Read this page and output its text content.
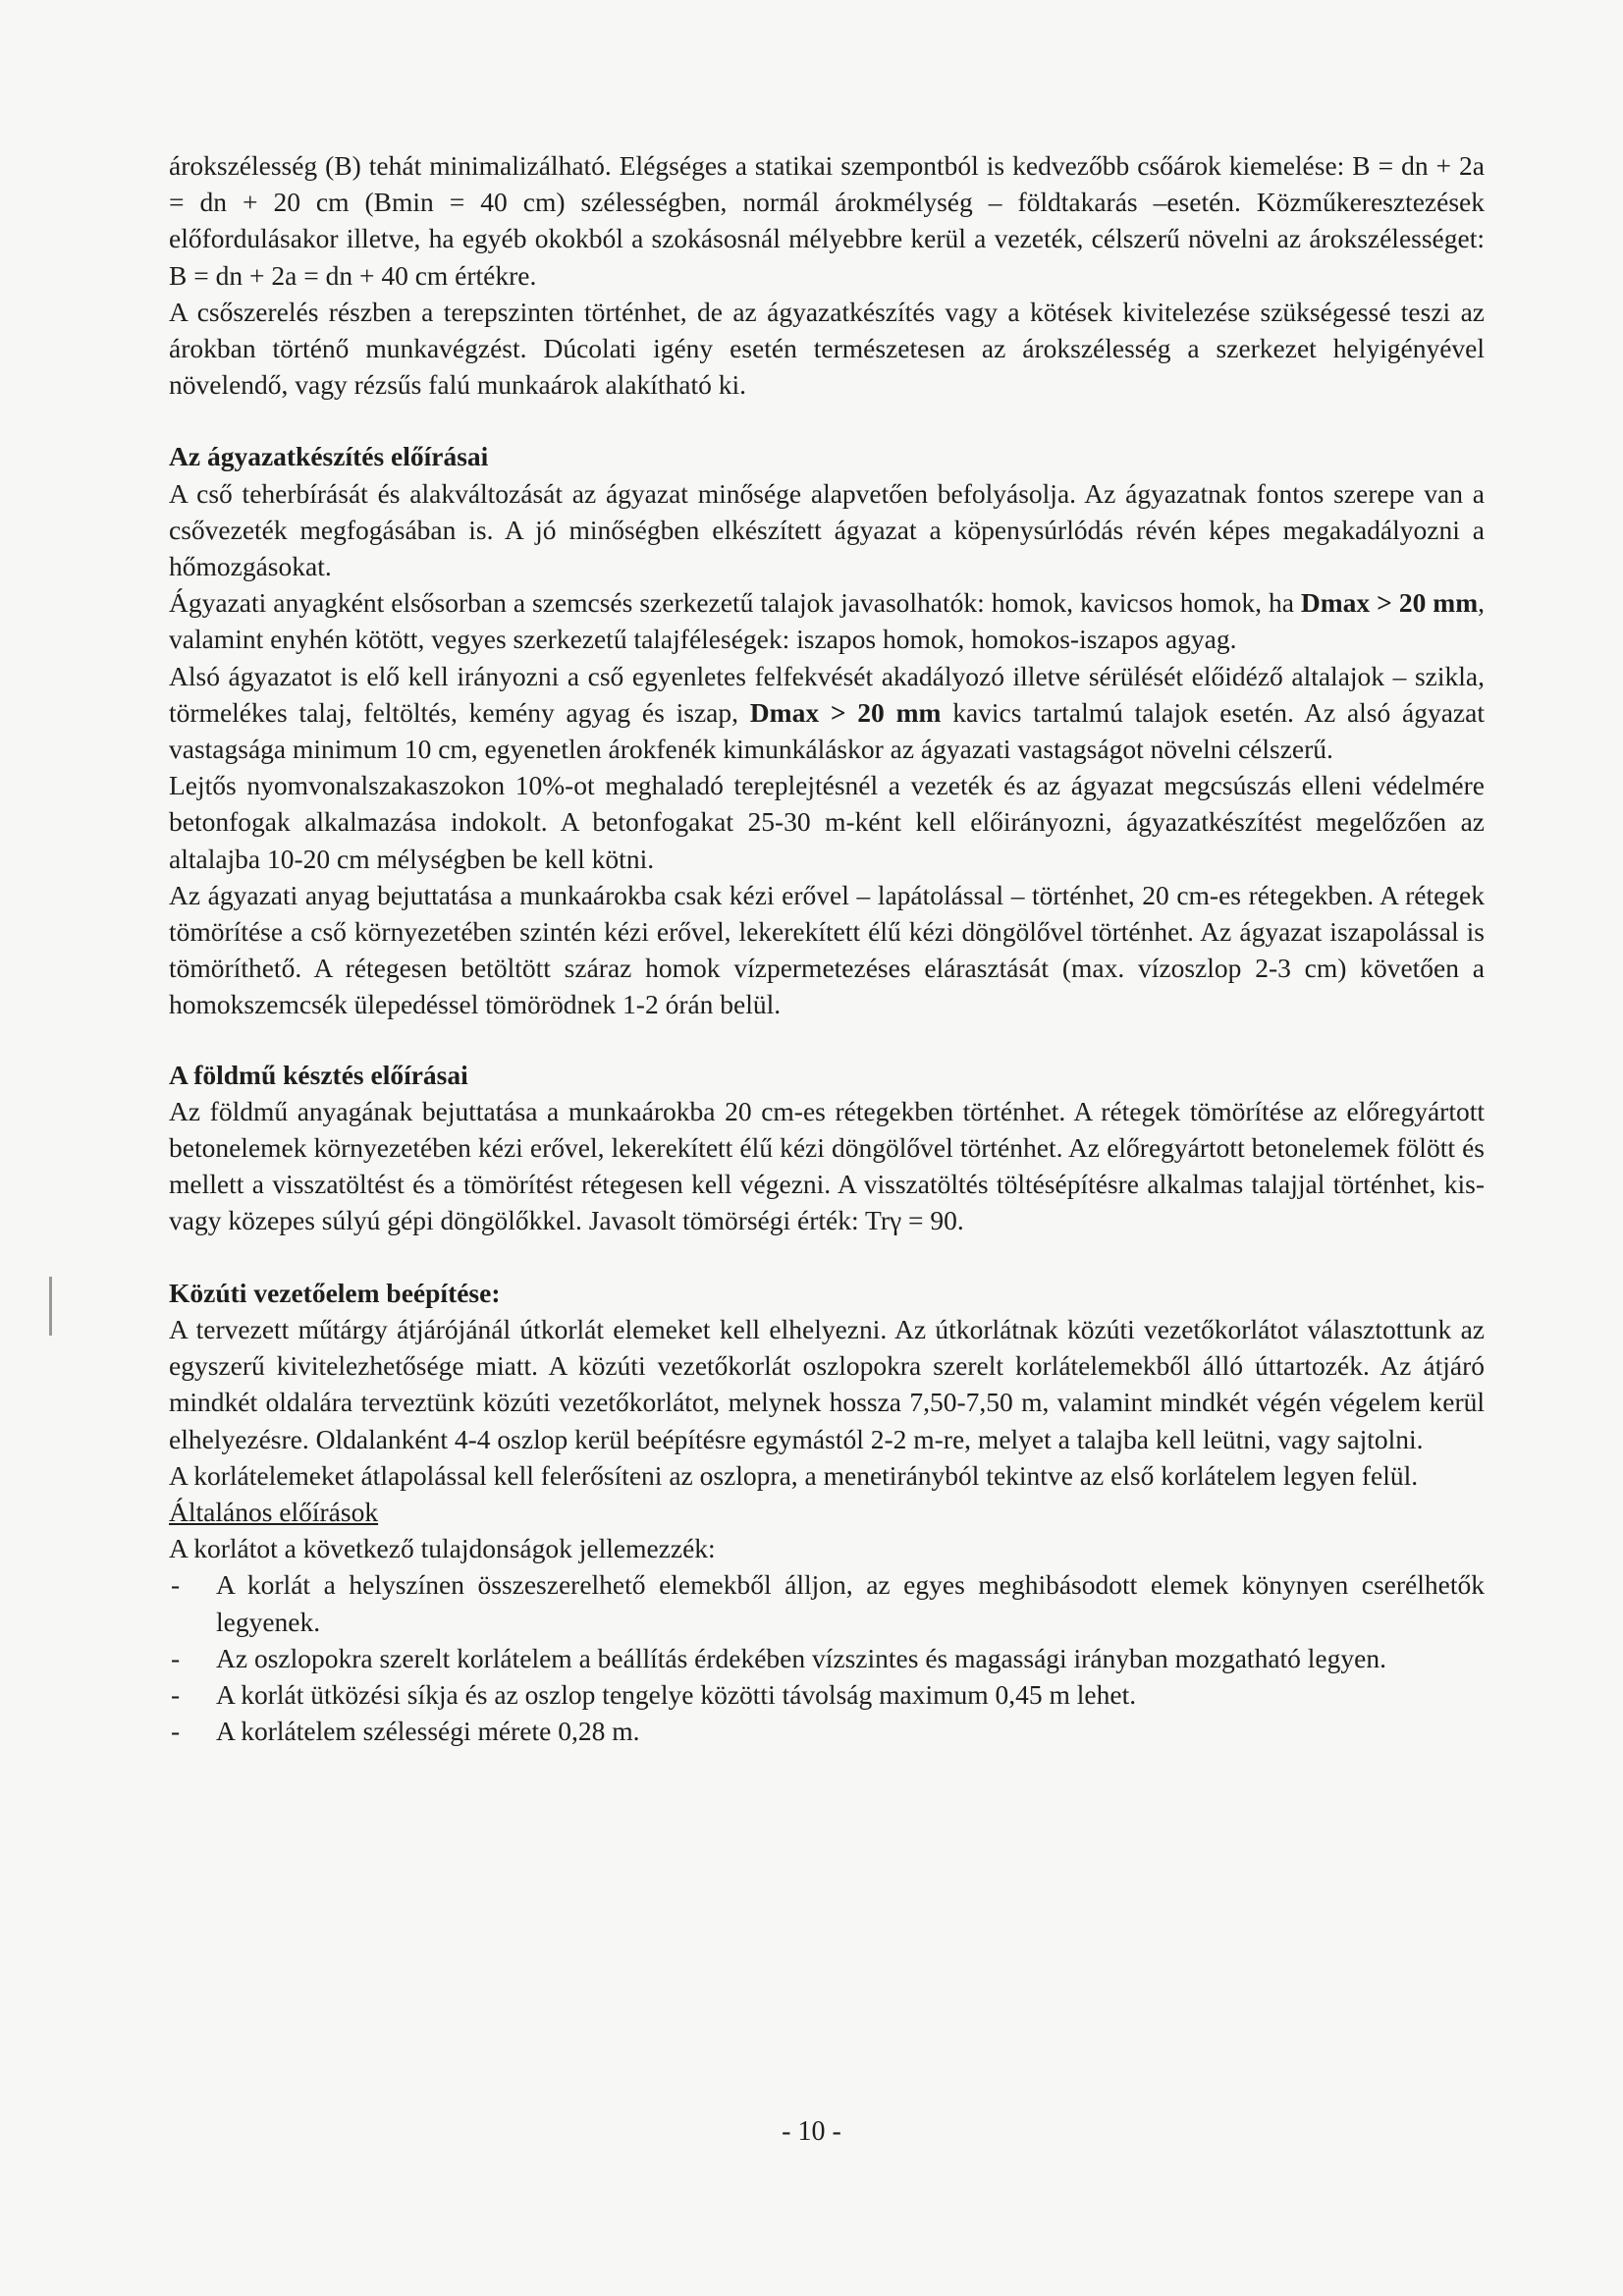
árokszélesség (B) tehát minimalizálható. Elégséges a statikai szempontból is kedvezőbb csőárok kiemelése: B = dn + 2a = dn + 20 cm (Bmin = 40 cm) szélességben, normál árokmélység – földtakarás –esetén. Közműkeresztezések előfordulásakor illetve, ha egyéb okokból a szokásosnál mélyebbre kerül a vezeték, célszerű növelni az árokszélességet: B = dn + 2a = dn + 40 cm értékre.

A csőszerelés részben a terepszinten történhet, de az ágyazatkészítés vagy a kötések kivitelezése szükségessé teszi az árokban történő munkavégzést. Dúcolati igény esetén természetesen az árokszélesség a szerkezet helyigényével növelendő, vagy rézsűs falú munkaárok alakítható ki.

Az ágyazatkészítés előírásai

A cső teherbírását és alakváltozását az ágyazat minősége alapvetően befolyásolja. Az ágyazatnak fontos szerepe van a csővezeték megfogásában is. A jó minőségben elkészített ágyazat a köpenysúrlódás révén képes megakadályozni a hőmozgásokat.

Ágyazati anyagként elsősorban a szemcsés szerkezetű talajok javasolhatók: homok, kavicsos homok, ha Dmax > 20 mm, valamint enyhén kötött, vegyes szerkezetű talajféleségek: iszapos homok, homokos-iszapos agyag.

Alsó ágyazatot is elő kell irányozni a cső egyenletes felfekvését akadályozó illetve sérülését előidéző altalajok – szikla, törmelékes talaj, feltöltés, kemény agyag és iszap, Dmax > 20 mm kavics tartalmú talajok esetén. Az alsó ágyazat vastagsága minimum 10 cm, egyenetlen árokfenék kimunkáláskor az ágyazati vastagságot növelni célszerű.

Lejtős nyomvonalszakaszokon 10%-ot meghaladó tereplejtésnél a vezeték és az ágyazat megcsúszás elleni védelmére betonfogak alkalmazása indokolt. A betonfogakat 25-30 m-ként kell előirányozni, ágyazatkészítést megelőzően az altalajba 10-20 cm mélységben be kell kötni.

Az ágyazati anyag bejuttatása a munkaárokba csak kézi erővel – lapátolással – történhet, 20 cm-es rétegekben. A rétegek tömörítése a cső környezetében szintén kézi erővel, lekerekített élű kézi döngölővel történhet. Az ágyazat iszapolással is tömöríthető. A rétegesen betöltött száraz homok vízpermetezéses elárasztását (max. vízoszlop 2-3 cm) követően a homokszemcsék ülepedéssel tömörödnek 1-2 órán belül.

A földmű késztés előírásai

Az földmű anyagának bejuttatása a munkaárokba 20 cm-es rétegekben történhet. A rétegek tömörítése az előregyártott betonelemek környezetében kézi erővel, lekerekített élű kézi döngölővel történhet. Az előregyártott betonelemek fölött és mellett a visszatöltést és a tömörítést rétegesen kell végezni. A visszatöltés töltésépítésre alkalmas talajjal történhet, kis- vagy közepes súlyú gépi döngölőkkel. Javasolt tömörségi érték: Trγ = 90.

Közúti vezetőelem beépítése:

A tervezett műtárgy átjárójánál útkorlát elemeket kell elhelyezni. Az útkorlátnak közúti vezetőkorlátot választottunk az egyszerű kivitelezhetősége miatt. A közúti vezetőkorlát oszlopokra szerelt korlátelemekből álló úttartozék. Az átjáró mindkét oldalára terveztünk közúti vezetőkorlátot, melynek hossza 7,50-7,50 m, valamint mindkét végén végelem kerül elhelyezésre. Oldalanként 4-4 oszlop kerül beépítésre egymástól 2-2 m-re, melyet a talajba kell leütni, vagy sajtolni.

A korlátelemeket átlapolással kell felerősíteni az oszlopra, a menetirányból tekintve az első korlátelem legyen felül.

Általános előírások

A korlátot a következő tulajdonságok jellemezzék:

- A korlát a helyszínen összeszerelhető elemekből álljon, az egyes meghibásodott elemek könynyen cserélhetők legyenek.
- Az oszlopokra szerelt korlátelem a beállítás érdekében vízszintes és magassági irányban mozgatható legyen.
- A korlát ütközési síkja és az oszlop tengelye közötti távolság maximum 0,45 m lehet.
- A korlátelem szélességi mérete 0,28 m.
- 10 -
